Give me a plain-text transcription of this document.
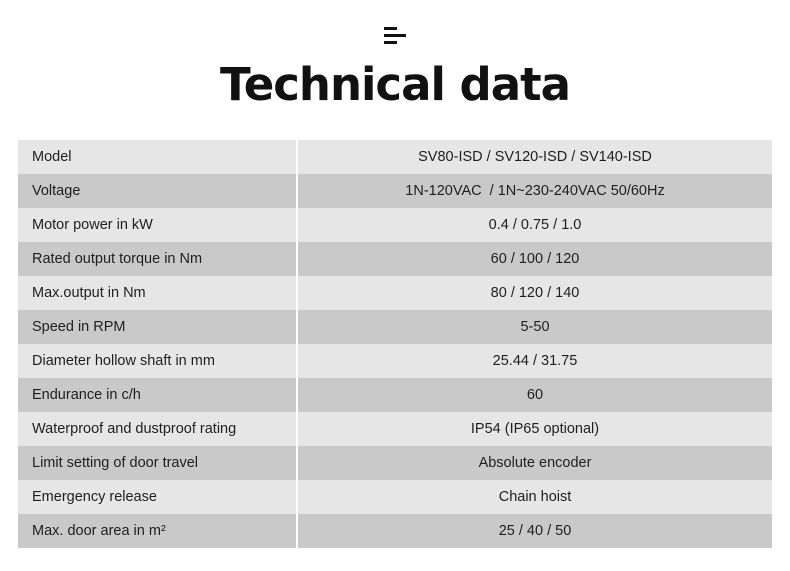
Technical data
Model	SV80-ISD / SV120-ISD / SV140-ISD
Voltage	1N-120VAC  / 1N~230-240VAC 50/60Hz
Motor power in kW	0.4 / 0.75 / 1.0
Rated output torque in Nm	60 / 100 / 120
Max.output in Nm	80 / 120 / 140
Speed in RPM	5-50
Diameter hollow shaft in mm	25.44 / 31.75
Endurance in c/h	60
Waterproof and dustproof rating	IP54 (IP65 optional)
Limit setting of door travel	Absolute encoder
Emergency release	Chain hoist
Max. door area in m²	25 / 40 / 50
